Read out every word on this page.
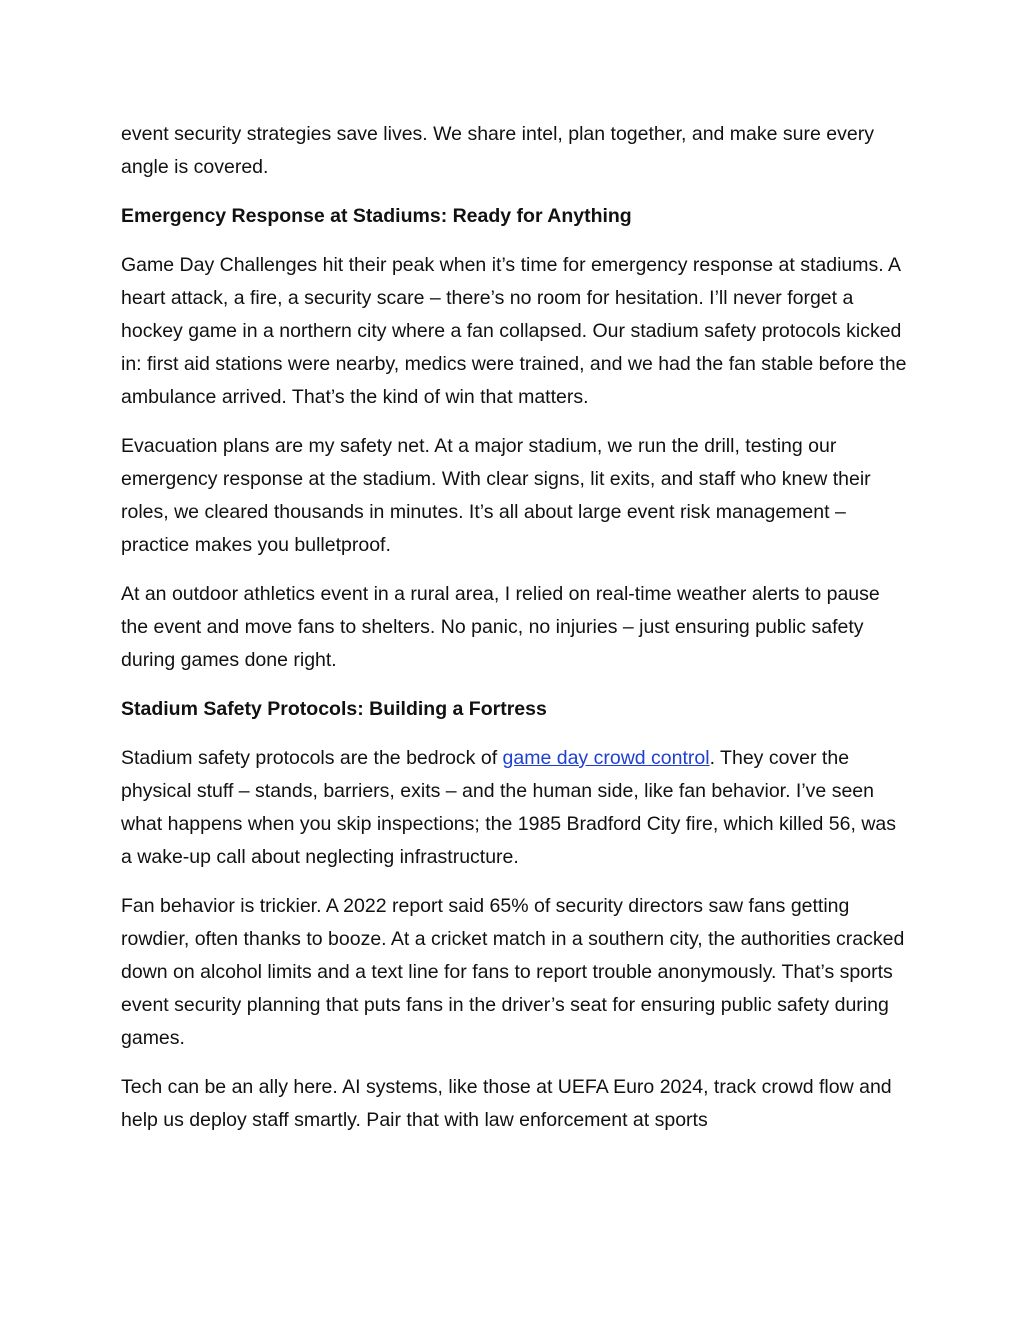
event security strategies save lives. We share intel, plan together, and make sure every angle is covered.

Emergency Response at Stadiums: Ready for Anything

Game Day Challenges hit their peak when it’s time for emergency response at stadiums. A heart attack, a fire, a security scare – there’s no room for hesitation. I’ll never forget a hockey game in a northern city where a fan collapsed. Our stadium safety protocols kicked in: first aid stations were nearby, medics were trained, and we had the fan stable before the ambulance arrived. That’s the kind of win that matters.

Evacuation plans are my safety net. At a major stadium, we run the drill, testing our emergency response at the stadium. With clear signs, lit exits, and staff who knew their roles, we cleared thousands in minutes. It’s all about large event risk management – practice makes you bulletproof.

At an outdoor athletics event in a rural area, I relied on real-time weather alerts to pause the event and move fans to shelters. No panic, no injuries – just ensuring public safety during games done right.

Stadium Safety Protocols: Building a Fortress

Stadium safety protocols are the bedrock of game day crowd control. They cover the physical stuff – stands, barriers, exits – and the human side, like fan behavior. I’ve seen what happens when you skip inspections; the 1985 Bradford City fire, which killed 56, was a wake-up call about neglecting infrastructure.

Fan behavior is trickier. A 2022 report said 65% of security directors saw fans getting rowdier, often thanks to booze. At a cricket match in a southern city, the authorities cracked down on alcohol limits and a text line for fans to report trouble anonymously. That’s sports event security planning that puts fans in the driver’s seat for ensuring public safety during games.

Tech can be an ally here. AI systems, like those at UEFA Euro 2024, track crowd flow and help us deploy staff smartly. Pair that with law enforcement at sports
